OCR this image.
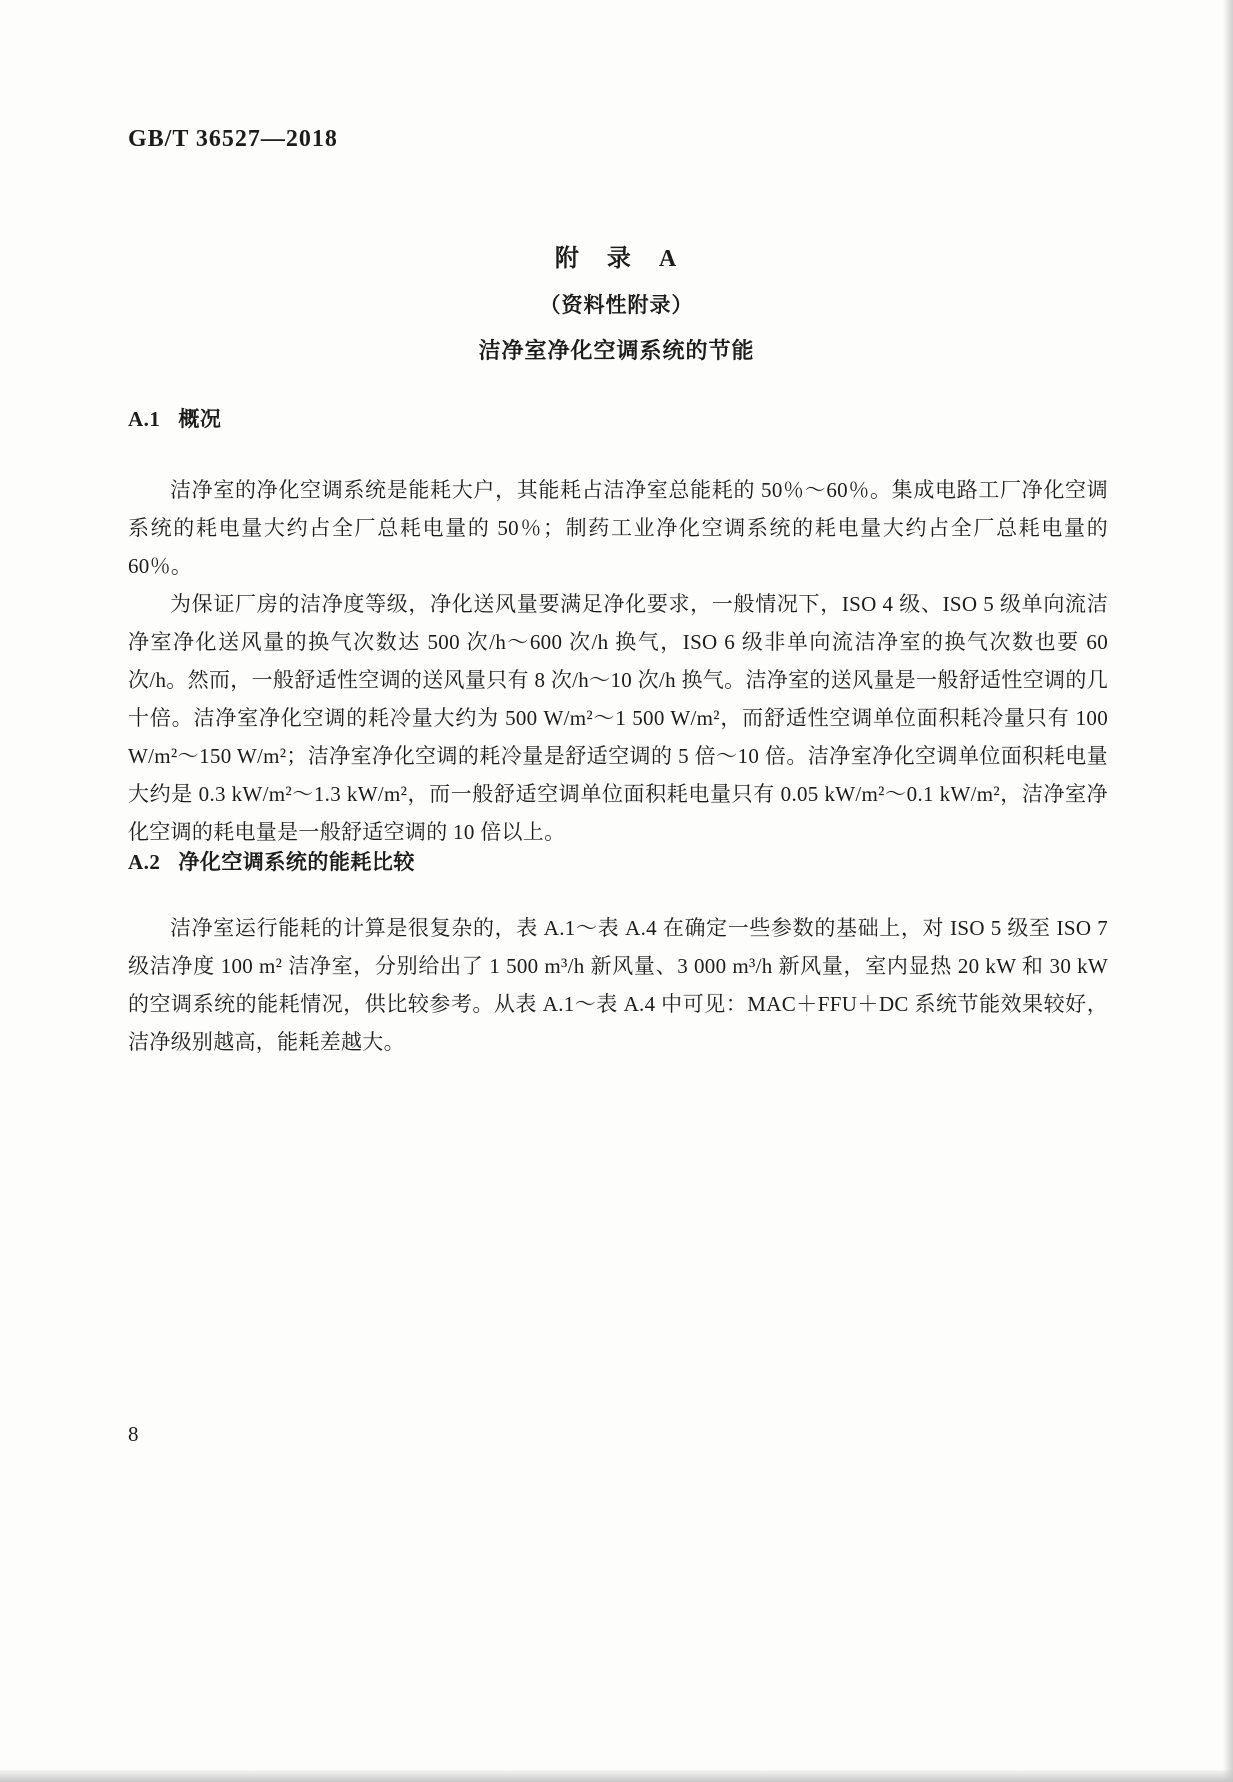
GB/T 36527—2018
附　录　A
（资料性附录）
洁净室净化空调系统的节能
A.1 概况

洁净室的净化空调系统是能耗大户，其能耗占洁净室总能耗的 50％～60％。集成电路工厂净化空调系统的耗电量大约占全厂总耗电量的 50％；制药工业净化空调系统的耗电量大约占全厂总耗电量的 60％。

为保证厂房的洁净度等级，净化送风量要满足净化要求，一般情况下，ISO 4 级、ISO 5 级单向流洁净室净化送风量的换气次数达 500 次/h～600 次/h 换气，ISO 6 级非单向流洁净室的换气次数也要 60 次/h。然而，一般舒适性空调的送风量只有 8 次/h～10 次/h 换气。洁净室的送风量是一般舒适性空调的几十倍。洁净室净化空调的耗冷量大约为 500 W/m²～1 500 W/m²，而舒适性空调单位面积耗冷量只有 100 W/m²～150 W/m²；洁净室净化空调的耗冷量是舒适空调的 5 倍～10 倍。洁净室净化空调单位面积耗电量大约是 0.3 kW/m²～1.3 kW/m²，而一般舒适空调单位面积耗电量只有 0.05 kW/m²～0.1 kW/m²，洁净室净化空调的耗电量是一般舒适空调的 10 倍以上。

A.2 净化空调系统的能耗比较

洁净室运行能耗的计算是很复杂的，表 A.1～表 A.4 在确定一些参数的基础上，对 ISO 5 级至 ISO 7 级洁净度 100 m² 洁净室，分别给出了 1 500 m³/h 新风量、3 000 m³/h 新风量，室内显热 20 kW 和 30 kW 的空调系统的能耗情况，供比较参考。从表 A.1～表 A.4 中可见：MAC＋FFU＋DC 系统节能效果较好，洁净级别越高，能耗差越大。

8
